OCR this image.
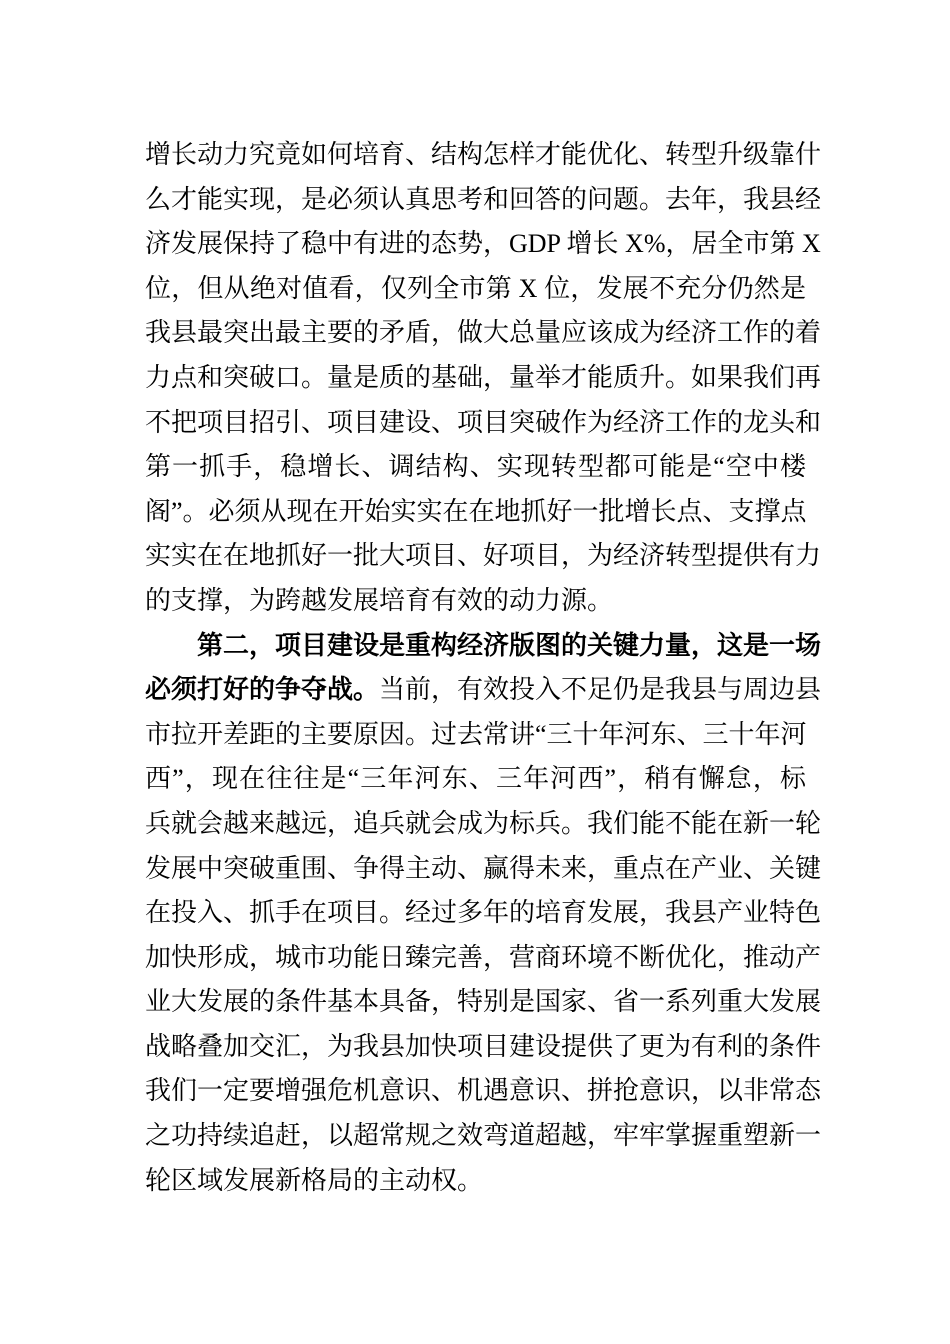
增长动力究竟如何培育、结构怎样才能优化、转型升级靠什
么才能实现，是必须认真思考和回答的问题。去年，我县经
济发展保持了稳中有进的态势，GDP 增长 X%，居全市第 X
位，但从绝对值看，仅列全市第 X 位，发展不充分仍然是
我县最突出最主要的矛盾，做大总量应该成为经济工作的着
力点和突破口。量是质的基础，量举才能质升。如果我们再
不把项目招引、项目建设、项目突破作为经济工作的龙头和
第一抓手，稳增长、调结构、实现转型都可能是“空中楼
阁”。必须从现在开始实实在在地抓好一批增长点、支撑点
实实在在地抓好一批大项目、好项目，为经济转型提供有力
的支撑，为跨越发展培育有效的动力源。
第二，项目建设是重构经济版图的关键力量，这是一场
必须打好的争夺战。当前，有效投入不足仍是我县与周边县
市拉开差距的主要原因。过去常讲“三十年河东、三十年河
西”，现在往往是“三年河东、三年河西”，稍有懈怠，标
兵就会越来越远，追兵就会成为标兵。我们能不能在新一轮
发展中突破重围、争得主动、赢得未来，重点在产业、关键
在投入、抓手在项目。经过多年的培育发展，我县产业特色
加快形成，城市功能日臻完善，营商环境不断优化，推动产
业大发展的条件基本具备，特别是国家、省一系列重大发展
战略叠加交汇，为我县加快项目建设提供了更为有利的条件
我们一定要增强危机意识、机遇意识、拼抢意识，以非常态
之功持续追赶，以超常规之效弯道超越，牢牢掌握重塑新一
轮区域发展新格局的主动权。
